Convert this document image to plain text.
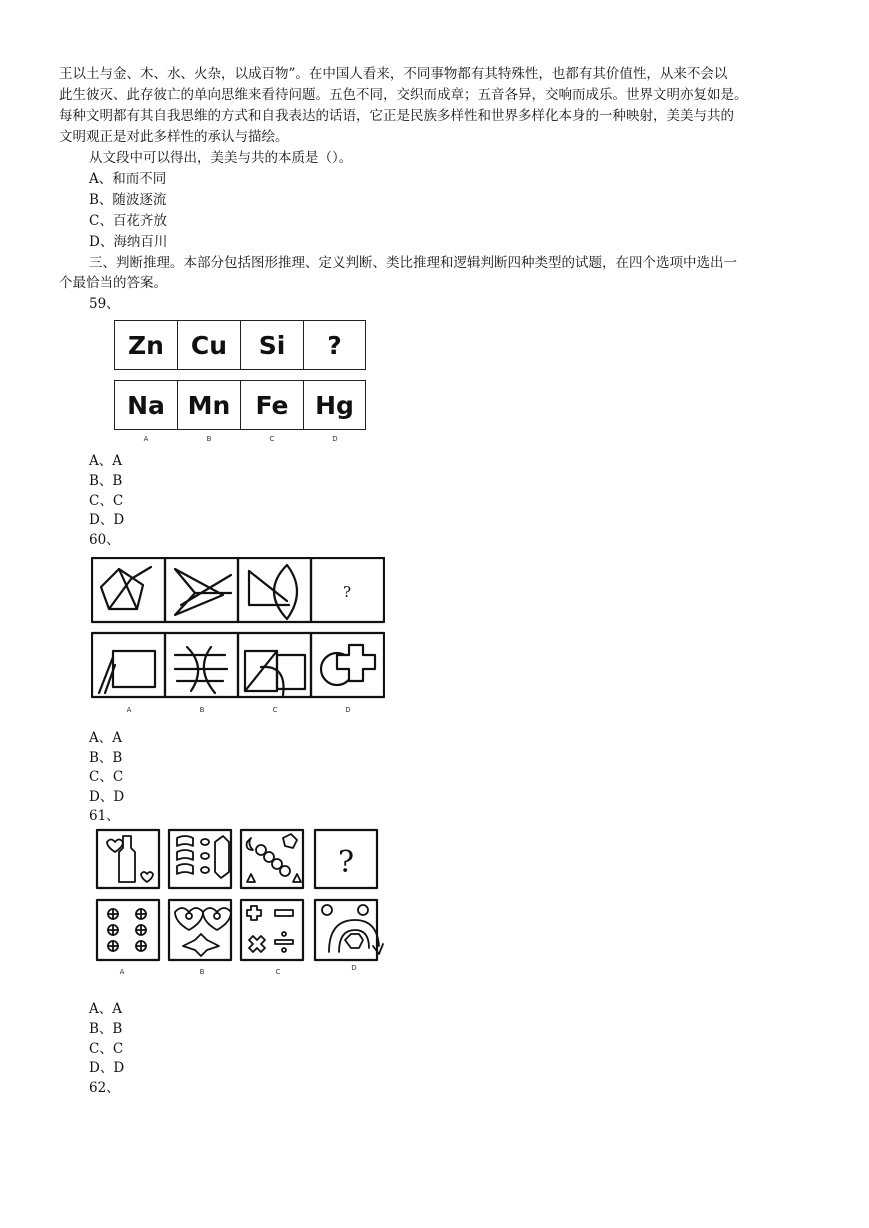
王以土与金、木、水、火杂，以成百物”。在中国人看来，不同事物都有其特殊性，也都有其价值性，从来不会以
此生彼灭、此存彼亡的单向思维来看待问题。五色不同，交织而成章；五音各异，交响而成乐。世界文明亦复如是。
每种文明都有其自我思维的方式和自我表达的话语，它正是民族多样性和世界多样化本身的一种映射，美美与共的
文明观正是对此多样性的承认与描绘。
从文段中可以得出，美美与共的本质是（）。
A、和而不同
B、随波逐流
C、百花齐放
D、海纳百川
三、判断推理。本部分包括图形推理、定义判断、类比推理和逻辑判断四种类型的试题，在四个选项中选出一
个最恰当的答案。
59、
Zn Cu Si ?
Na Mn Fe Hg
A	B	C	D
A、A
B、B
C、C
D、D
60、
?
A	B	C	D
A、A
B、B
C、C
D、D
61、
?
A	B	C	D
A、A
B、B
C、C
D、D
62、
